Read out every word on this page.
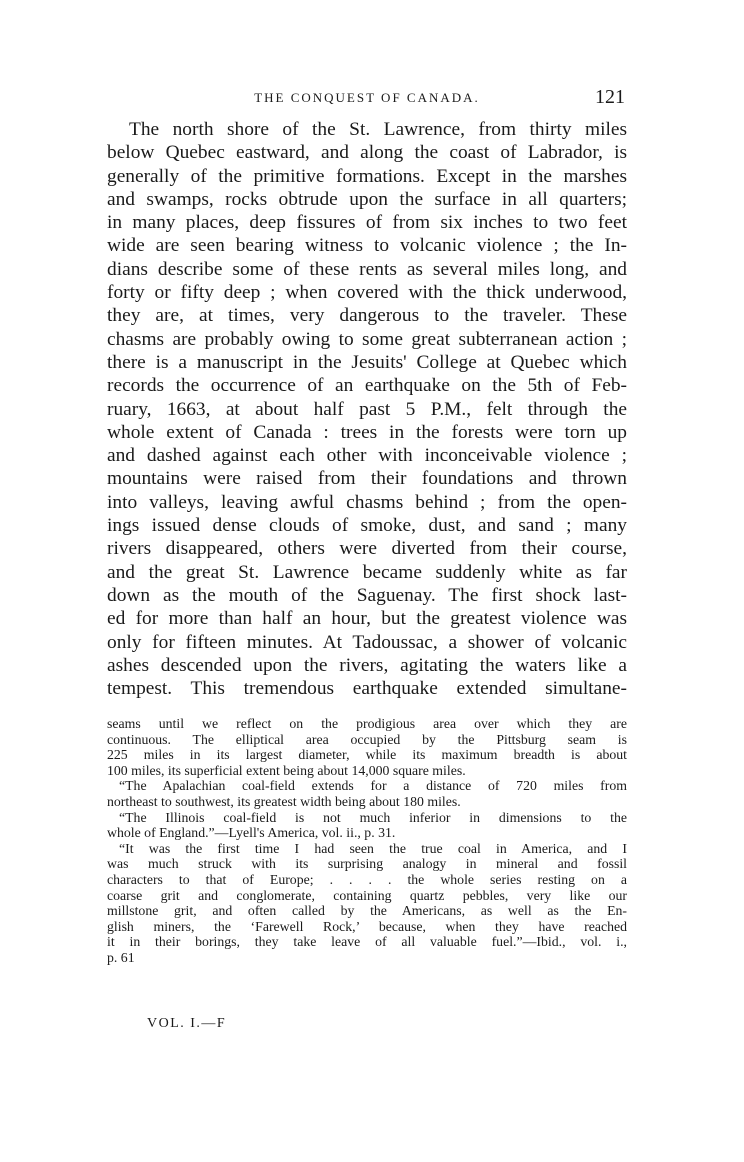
THE CONQUEST OF CANADA.	121
The north shore of the St. Lawrence, from thirty miles
below Quebec eastward, and along the coast of Labrador, is
generally of the primitive formations. Except in the marshes
and swamps, rocks obtrude upon the surface in all quarters;
in many places, deep fissures of from six inches to two feet
wide are seen bearing witness to volcanic violence ; the In-
dians describe some of these rents as several miles long, and
forty or fifty deep ; when covered with the thick underwood,
they are, at times, very dangerous to the traveler. These
chasms are probably owing to some great subterranean action ;
there is a manuscript in the Jesuits' College at Quebec which
records the occurrence of an earthquake on the 5th of Feb-
ruary, 1663, at about half past 5 P.M., felt through the
whole extent of Canada : trees in the forests were torn up
and dashed against each other with inconceivable violence ;
mountains were raised from their foundations and thrown
into valleys, leaving awful chasms behind ; from the open-
ings issued dense clouds of smoke, dust, and sand ; many
rivers disappeared, others were diverted from their course,
and the great St. Lawrence became suddenly white as far
down as the mouth of the Saguenay. The first shock last-
ed for more than half an hour, but the greatest violence was
only for fifteen minutes. At Tadoussac, a shower of volcanic
ashes descended upon the rivers, agitating the waters like a
tempest. This tremendous earthquake extended simultane-
seams until we reflect on the prodigious area over which they are
continuous. The elliptical area occupied by the Pittsburg seam is
225 miles in its largest diameter, while its maximum breadth is about
100 miles, its superficial extent being about 14,000 square miles.
“The Apalachian coal-field extends for a distance of 720 miles from
northeast to southwest, its greatest width being about 180 miles.
“The Illinois coal-field is not much inferior in dimensions to the
whole of England.”—Lyell's America, vol. ii., p. 31.
“It was the first time I had seen the true coal in America, and I
was much struck with its surprising analogy in mineral and fossil
characters to that of Europe; . . . . the whole series resting on a
coarse grit and conglomerate, containing quartz pebbles, very like our
millstone grit, and often called by the Americans, as well as the En-
glish miners, the ‘Farewell Rock,’ because, when they have reached
it in their borings, they take leave of all valuable fuel.”—Ibid., vol. i.,
p. 61
VOL. I.—F
